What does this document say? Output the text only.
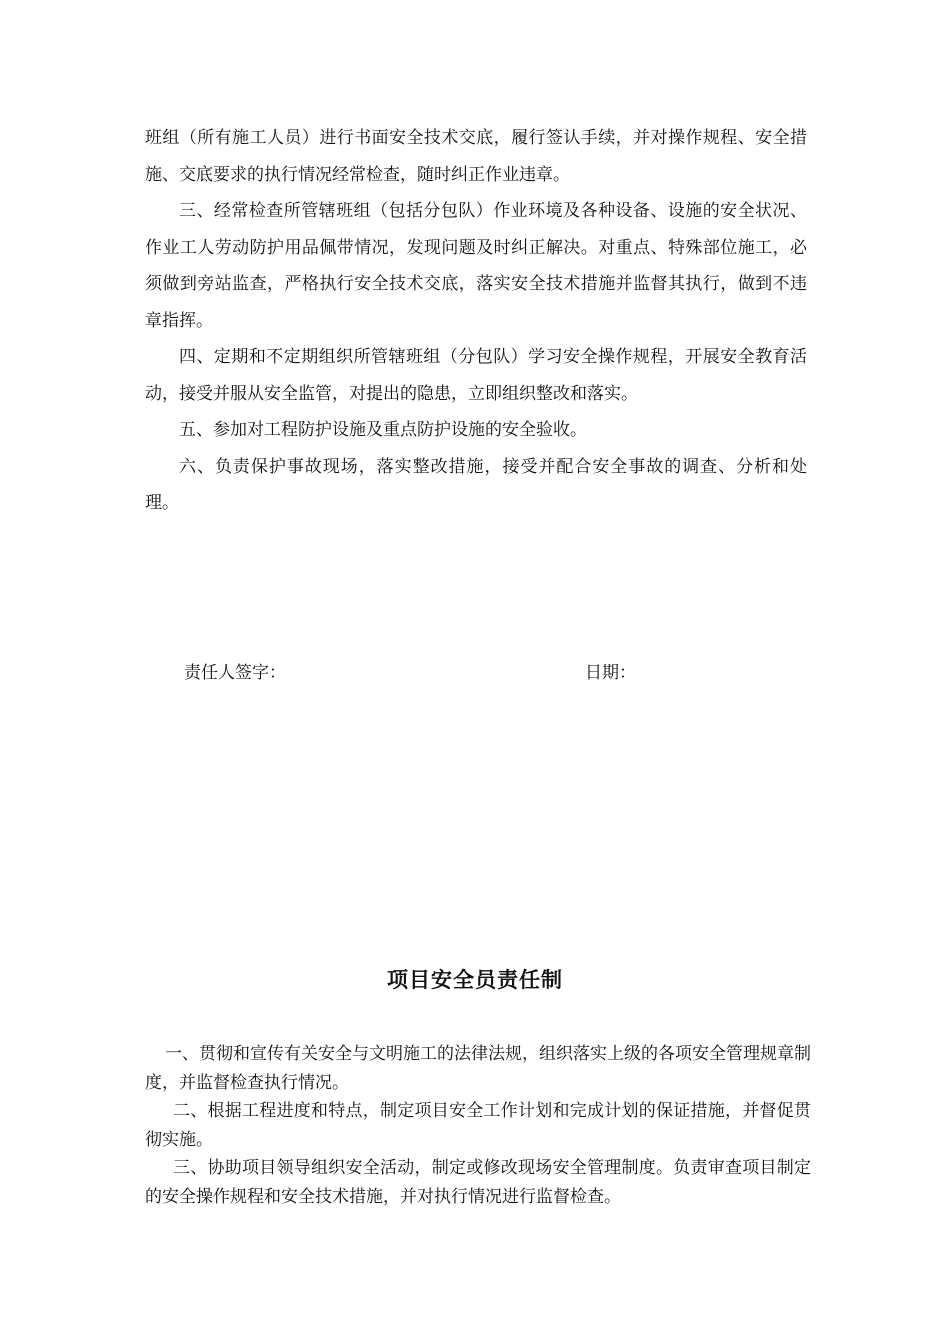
班组（所有施工人员）进行书面安全技术交底，履行签认手续，并对操作规程、安全措施、交底要求的执行情况经常检查，随时纠正作业违章。

三、经常检查所管辖班组（包括分包队）作业环境及各种设备、设施的安全状况、作业工人劳动防护用品佩带情况，发现问题及时纠正解决。对重点、特殊部位施工，必须做到旁站监查，严格执行安全技术交底，落实安全技术措施并监督其执行，做到不违章指挥。

四、定期和不定期组织所管辖班组（分包队）学习安全操作规程，开展安全教育活动，接受并服从安全监管，对提出的隐患，立即组织整改和落实。

五、参加对工程防护设施及重点防护设施的安全验收。

六、负责保护事故现场，落实整改措施，接受并配合安全事故的调查、分析和处理。

责任人签字：	日期：
项目安全员责任制

一、贯彻和宣传有关安全与文明施工的法律法规，组织落实上级的各项安全管理规章制度，并监督检查执行情况。

二、根据工程进度和特点，制定项目安全工作计划和完成计划的保证措施，并督促贯彻实施。

三、协助项目领导组织安全活动，制定或修改现场安全管理制度。负责审查项目制定的安全操作规程和安全技术措施，并对执行情况进行监督检查。
